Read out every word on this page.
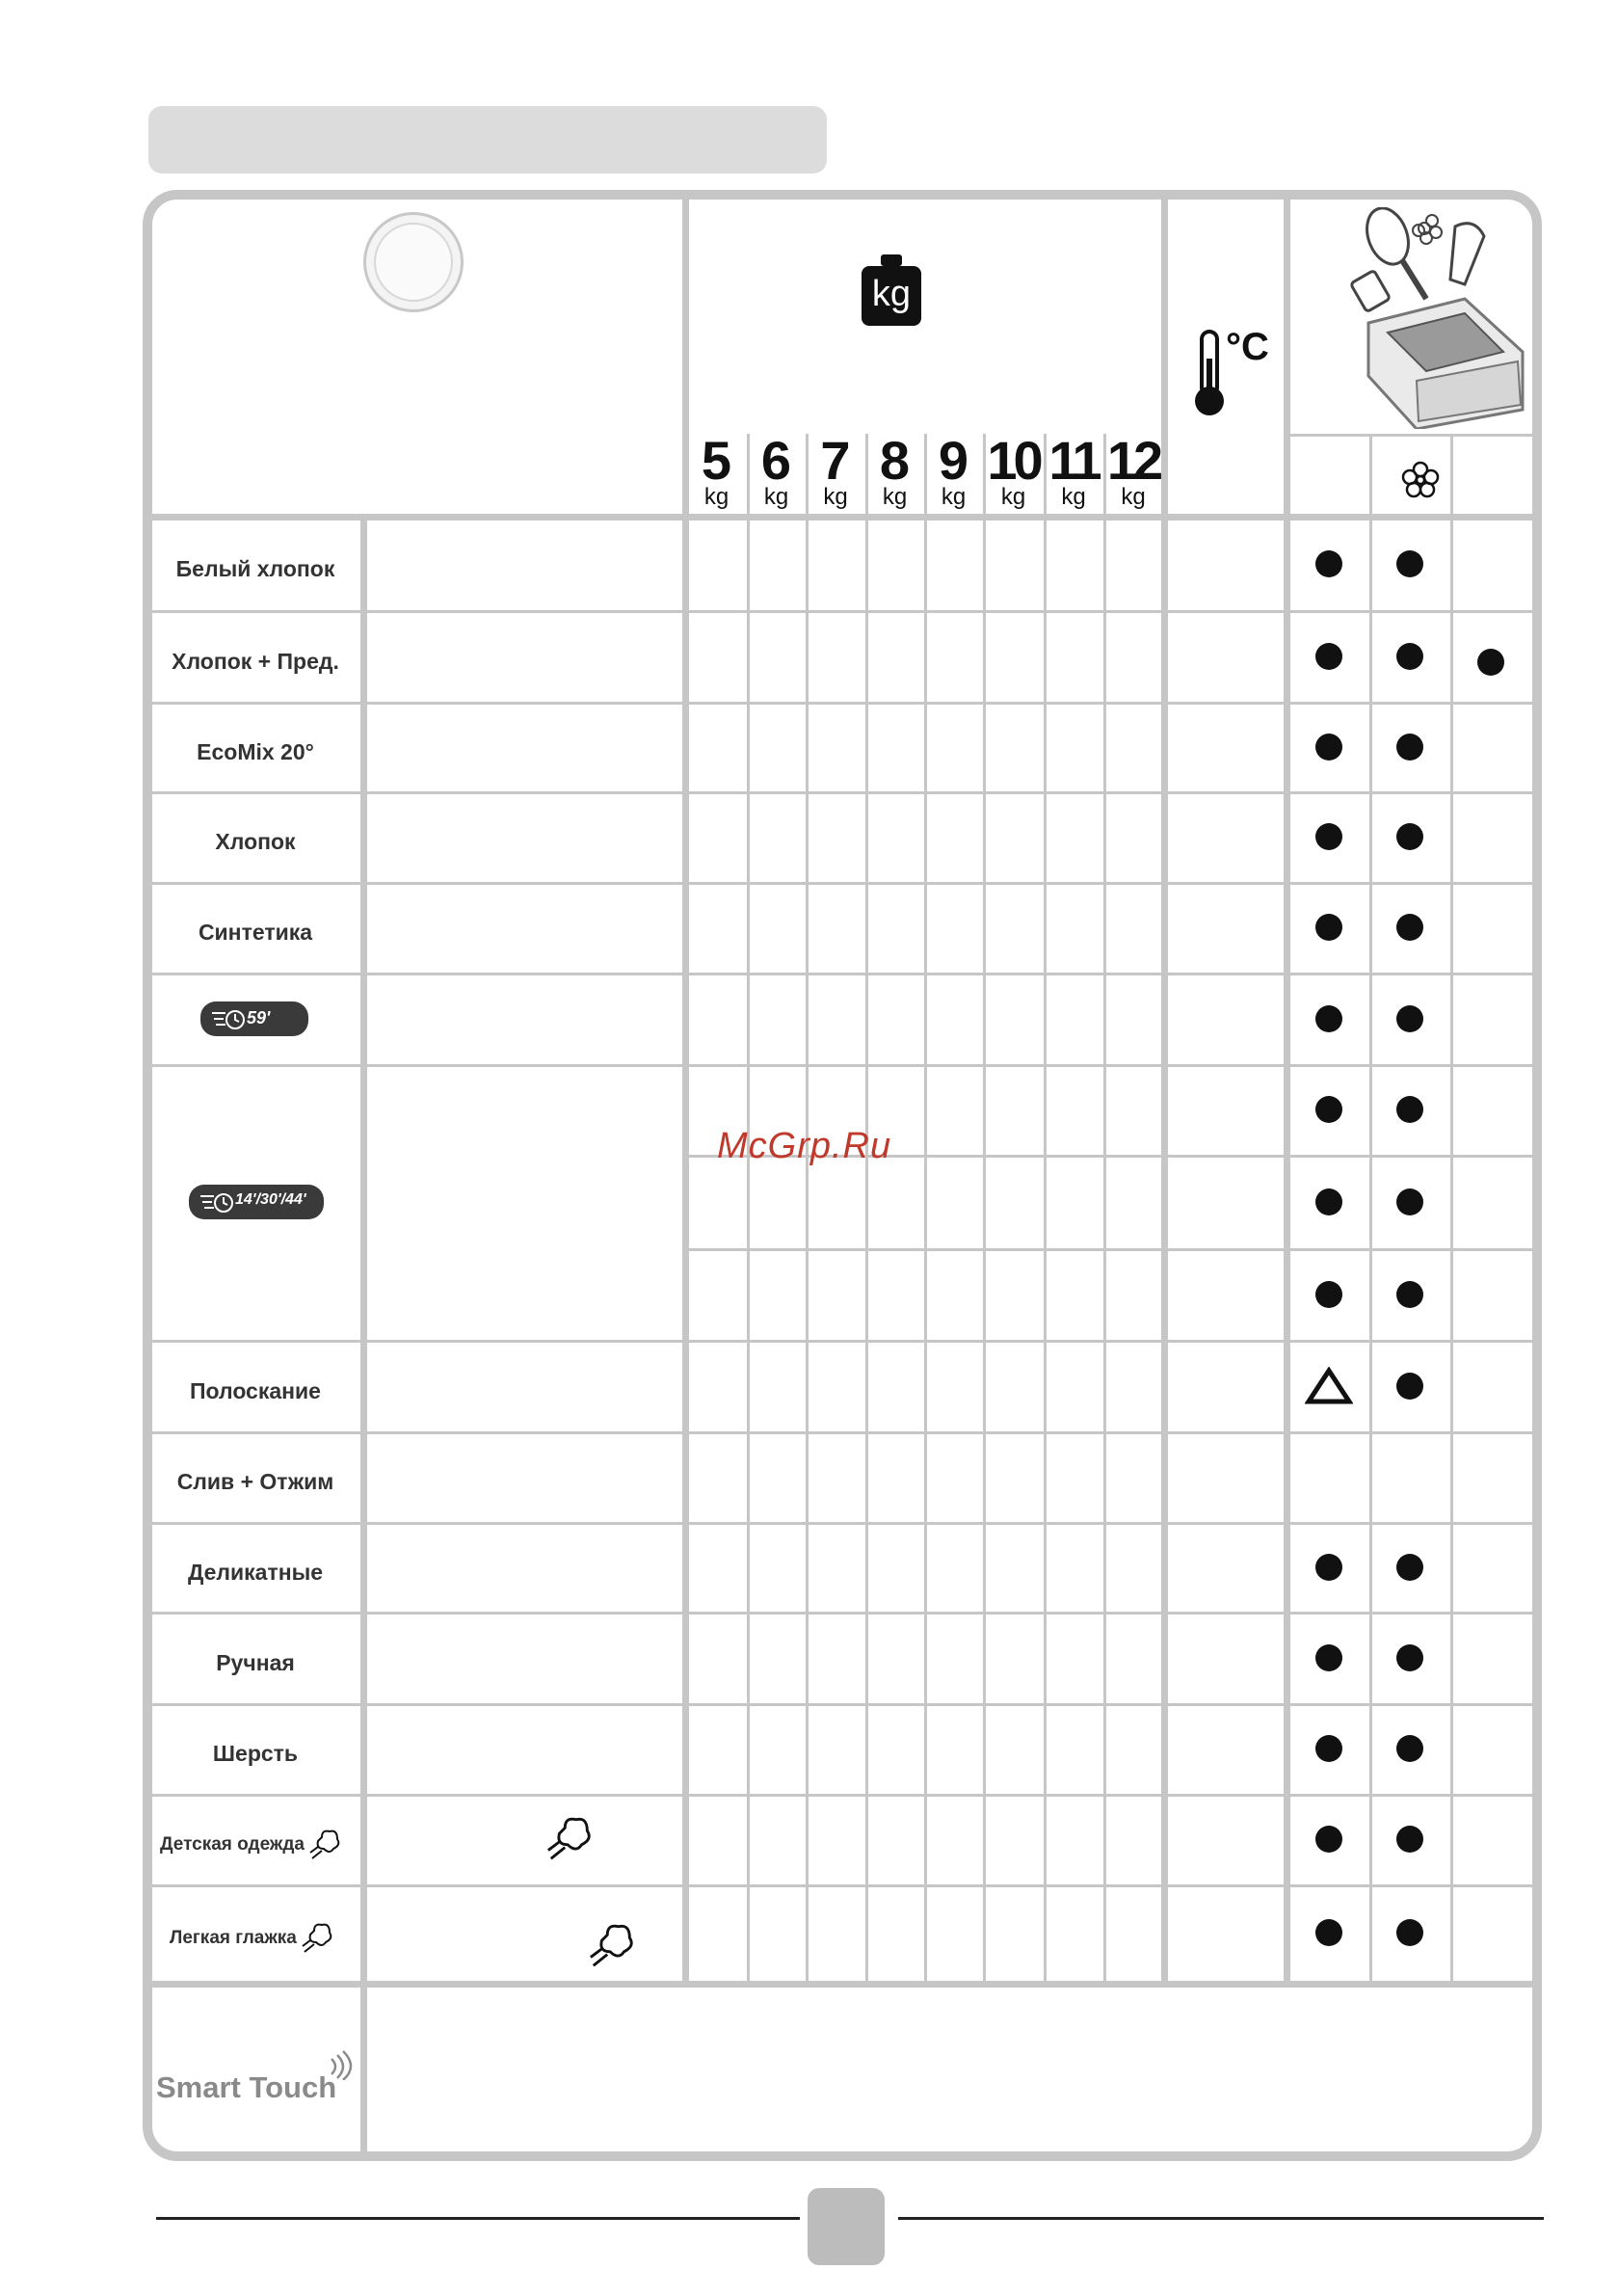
kg
°C
5
kg
6
kg
7
kg
8
kg
9
kg
10
kg
11
kg
12
kg
Белый хлопок
Хлопок + Пред.
EcoMix 20°
Хлопок
Синтетика
59'
14'/30'/44'
Полоскание
Слив + Отжим
Деликатные
Ручная
Шерсть
Детская одежда
Легкая глажка
Smart Touch
McGrp.Ru
